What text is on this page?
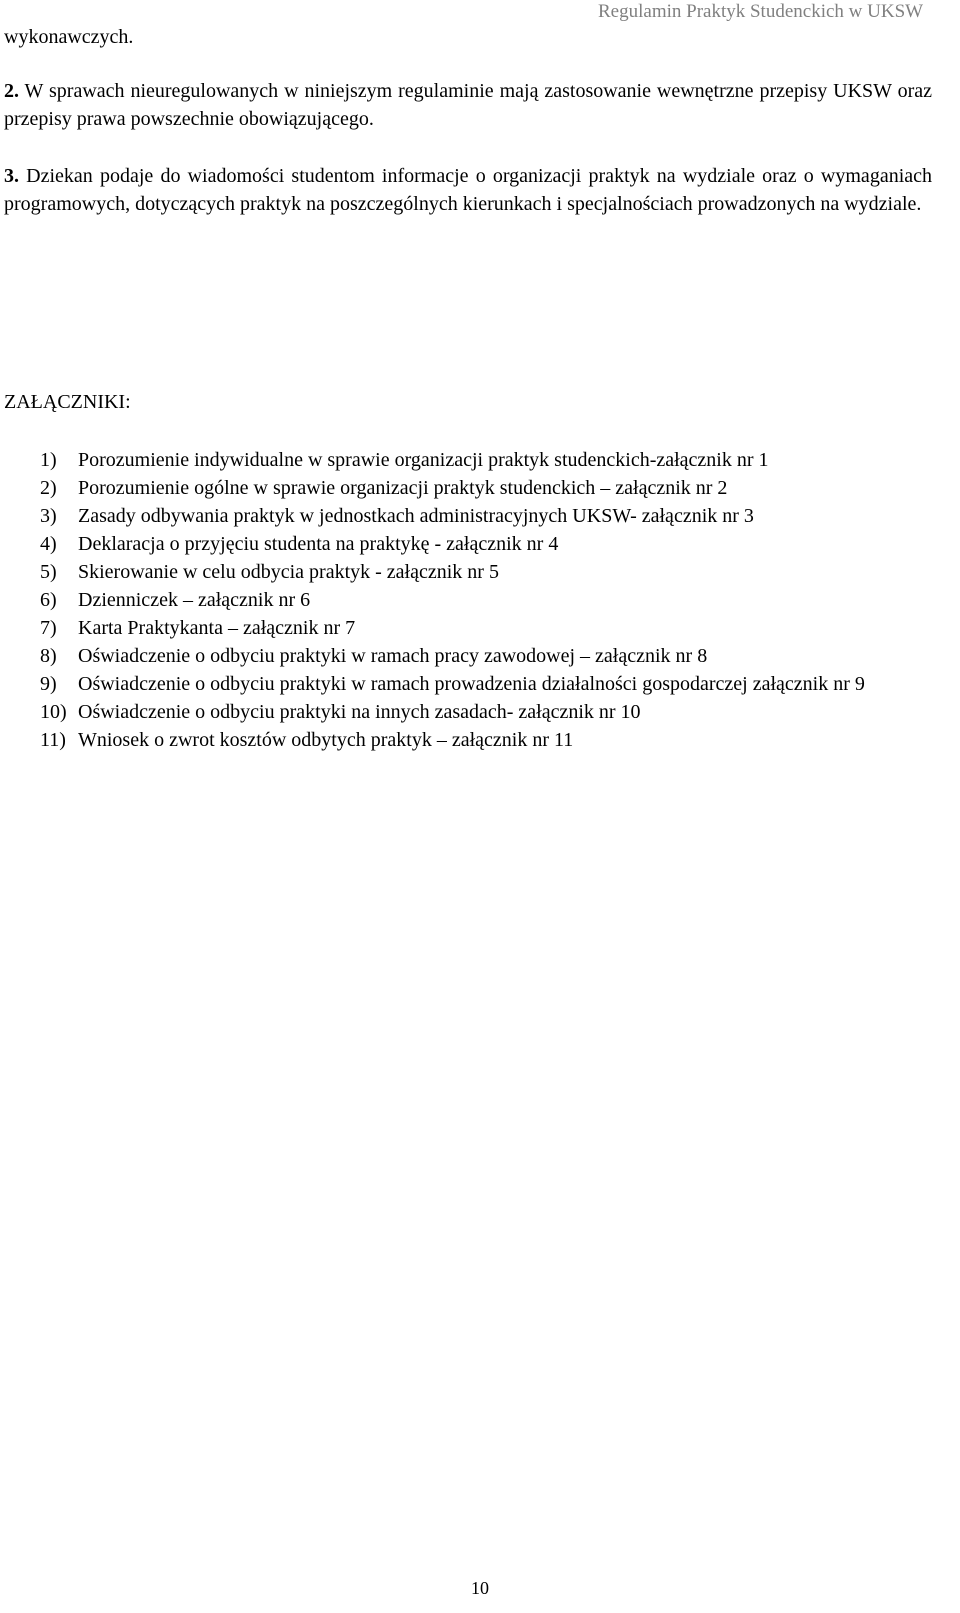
Regulamin Praktyk Studenckich w UKSW
wykonawczych.
2. W sprawach nieuregulowanych w niniejszym regulaminie mają zastosowanie wewnętrzne przepisy UKSW oraz przepisy prawa powszechnie obowiązującego.
3. Dziekan podaje do wiadomości studentom informacje o organizacji praktyk na wydziale oraz o wymaganiach programowych, dotyczących praktyk na poszczególnych kierunkach i specjalnościach prowadzonych na wydziale.
ZAŁĄCZNIKI:
1) Porozumienie indywidualne w sprawie organizacji praktyk studenckich-załącznik nr 1
2) Porozumienie ogólne w sprawie organizacji praktyk studenckich – załącznik nr 2
3) Zasady odbywania praktyk w jednostkach administracyjnych UKSW- załącznik nr 3
4) Deklaracja o przyjęciu studenta na praktykę - załącznik nr 4
5) Skierowanie w celu odbycia praktyk - załącznik nr 5
6) Dzienniczek – załącznik nr 6
7) Karta Praktykanta – załącznik nr 7
8) Oświadczenie o odbyciu praktyki w ramach pracy zawodowej – załącznik nr 8
9) Oświadczenie o odbyciu praktyki w ramach prowadzenia działalności gospodarczej załącznik nr 9
10) Oświadczenie o odbyciu praktyki na innych zasadach- załącznik nr 10
11) Wniosek o zwrot kosztów odbytych praktyk – załącznik nr 11
10
